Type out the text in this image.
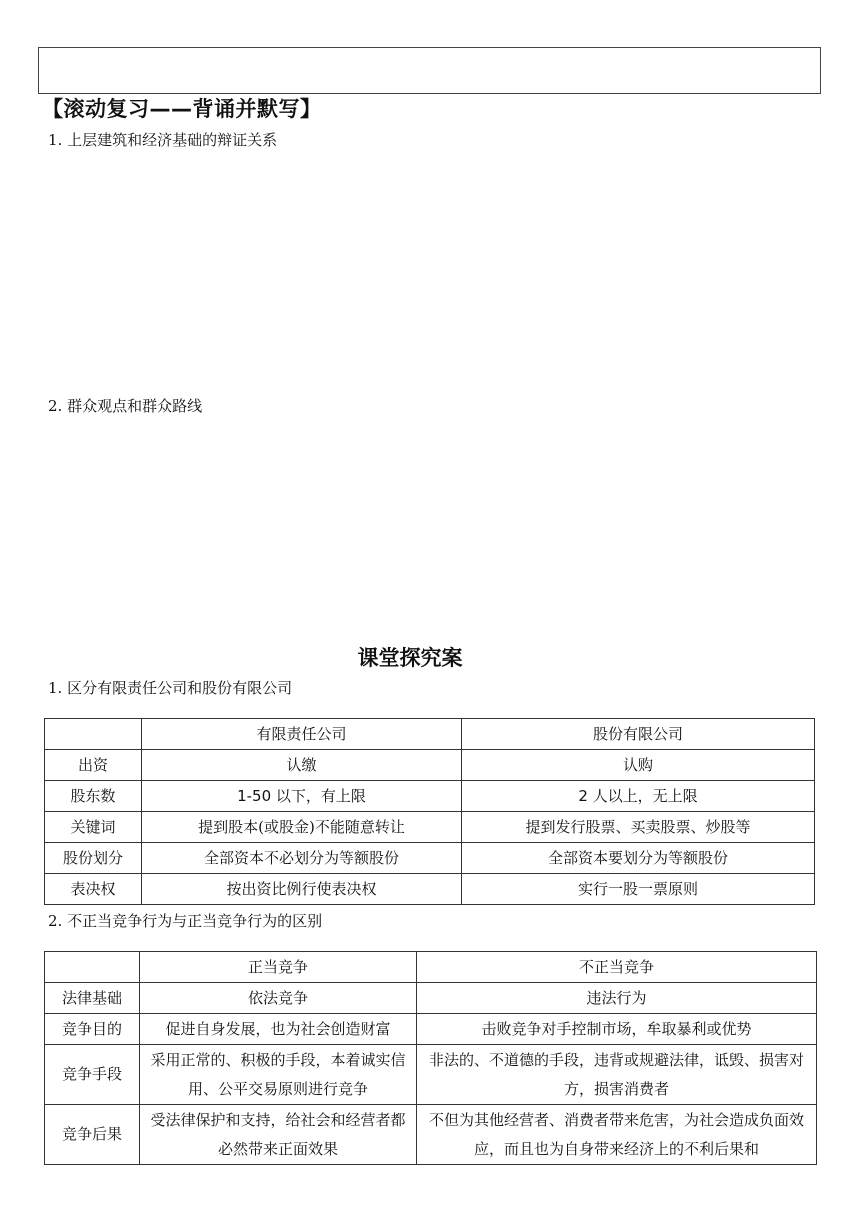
【滚动复习——背诵并默写】
1. 上层建筑和经济基础的辩证关系
2. 群众观点和群众路线
课堂探究案
1. 区分有限责任公司和股份有限公司
	有限责任公司	股份有限公司
出资	认缴	认购
股东数	1-50 以下，有上限	2 人以上，无上限
关键词	提到股本(或股金)不能随意转让	提到发行股票、买卖股票、炒股等
股份划分	全部资本不必划分为等额股份	全部资本要划分为等额股份
表决权	按出资比例行使表决权	实行一股一票原则
2. 不正当竞争行为与正当竞争行为的区别
	正当竞争	不正当竞争
法律基础	依法竞争	违法行为
竞争目的	促进自身发展，也为社会创造财富	击败竞争对手控制市场，牟取暴利或优势
竞争手段	采用正常的、积极的手段，本着诚实信用、公平交易原则进行竞争	非法的、不道德的手段，违背或规避法律，诋毁、损害对方，损害消费者
竞争后果	受法律保护和支持，给社会和经营者都必然带来正面效果	不但为其他经营者、消费者带来危害，为社会造成负面效应，而且也为自身带来经济上的不利后果和
